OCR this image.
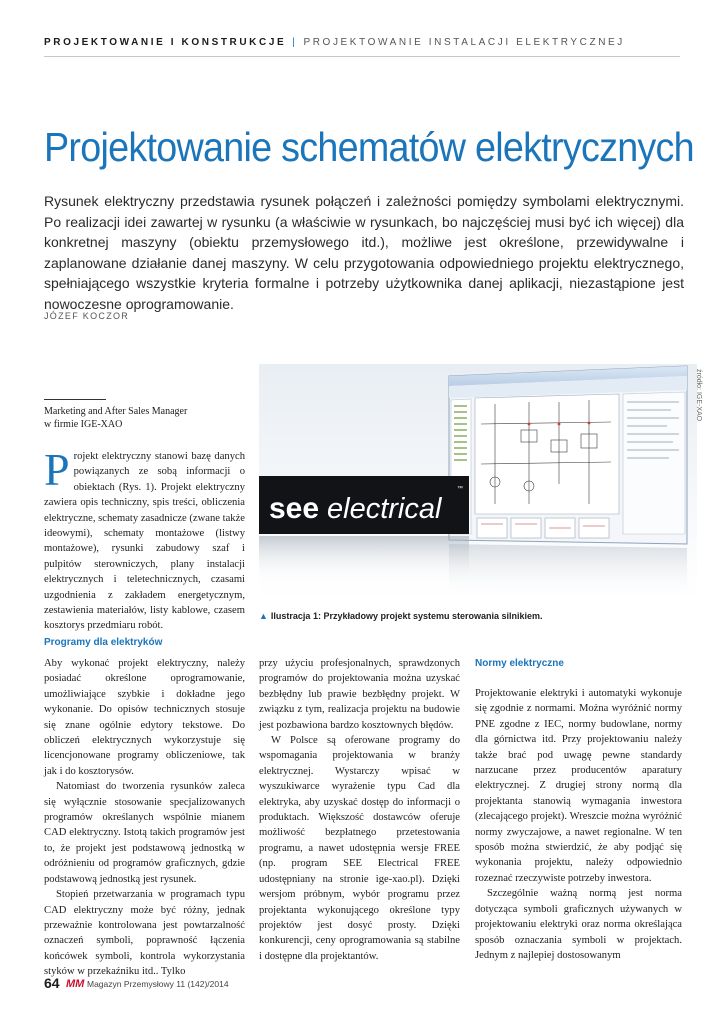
PROJEKTOWANIE I KONSTRUKCJE | PROJEKTOWANIE INSTALACJI ELEKTRYCZNEJ
Projektowanie schematów elektrycznych
Rysunek elektryczny przedstawia rysunek połączeń i zależności pomiędzy symbolami elektrycznymi. Po realizacji idei zawartej w rysunku (a właściwie w rysunkach, bo najczęściej musi być ich więcej) dla konkretnej maszyny (obiektu przemysłowego itd.), możliwe jest określone, przewidywalne i zaplanowane działanie danej maszyny. W celu przygotowania odpowiedniego projektu elektrycznego, spełniającego wszystkie kryteria formalne i potrzeby użytkownika danej aplikacji, niezastąpione jest nowoczesne oprogramowanie.
JÓZEF KOCZOR
Marketing and After Sales Manager
w firmie IGE-XAO

Projekt elektryczny stanowi bazę danych powiązanych ze sobą informacji o obiektach (Rys. 1). Projekt elektryczny zawiera opis techniczny, spis treści, obliczenia elektryczne, schematy zasadnicze (zwane także ideowymi), schematy montażowe (listwy montażowe), rysunki zabudowy szaf i pulpitów sterowniczych, plany instalacji elektrycznych i teletechnicznych, czasami uzgodnienia z zakładem energetycznym, zestawienia materiałów, listy kablowe, czasem kosztorys przedmiaru robót.

Programy dla elektryków

Aby wykonać projekt elektryczny, należy posiadać określone oprogramowanie, umożliwiające szybkie i dokładne jego wykonanie. Do opisów technicznych stosuje się znane ogólnie edytory tekstowe. Do obliczeń elektrycznych wykorzystuje się licencjonowane programy obliczeniowe, tak jak i do kosztorysów.

Natomiast do tworzenia rysunków zaleca się wyłącznie stosowanie specjalizowanych programów określanych wspólnie mianem CAD elektryczny. Istotą takich programów jest to, że projekt jest podstawową jednostką w odróżnieniu od programów graficznych, gdzie podstawową jednostką jest rysunek.

Stopień przetwarzania w programach typu CAD elektryczny może być różny, jednak przeważnie kontrolowana jest powtarzalność oznaczeń symboli, poprawność łączenia końcówek symboli, kontrola wykorzystania styków w przekaźniku itd.. Tylko

przy użyciu profesjonalnych, sprawdzonych programów do projektowania można uzyskać bezbłędny lub prawie bezbłędny projekt. W związku z tym, realizacja projektu na budowie jest pozbawiona bardzo kosztownych błędów.

W Polsce są oferowane programy do wspomagania projektowania w branży elektrycznej. Wystarczy wpisać w wyszukiwarce wyrażenie typu Cad dla elektryka, aby uzyskać dostęp do informacji o produktach. Większość dostawców oferuje możliwość bezpłatnego przetestowania programu, a nawet udostępnia wersje FREE (np. program SEE Electrical FREE udostępniany na stronie ige-xao.pl). Dzięki wersjom próbnym, wybór programu przez projektanta wykonującego określone typy projektów jest dosyć prosty. Dzięki konkurencji, ceny oprogramowania są stabilne i dostępne dla projektantów.

Normy elektryczne

Projektowanie elektryki i automatyki wykonuje się zgodnie z normami. Można wyróżnić normy PNE zgodne z IEC, normy budowlane, normy dla górnictwa itd. Przy projektowaniu należy także brać pod uwagę pewne standardy narzucane przez producentów aparatury elektrycznej. Z drugiej strony normą dla projektanta stanowią wymagania inwestora (zlecającego projekt). Wreszcie można wyróżnić normy zwyczajowe, a nawet regionalne. W ten sposób można stwierdzić, że aby podjąć się wykonania projektu, należy odpowiednio rozeznać rzeczywiste potrzeby inwestora.

Szczególnie ważną normą jest norma dotycząca symboli graficznych używanych w projektowaniu elektryki oraz norma określająca sposób oznaczania symboli w projektach. Jednym z najlepiej dostosowanym

see electrical
™
źródło: IGE-XAO
▲ Ilustracja 1: Przykładowy projekt systemu sterowania silnikiem.
64 MM Magazyn Przemysłowy 11 (142)/2014
